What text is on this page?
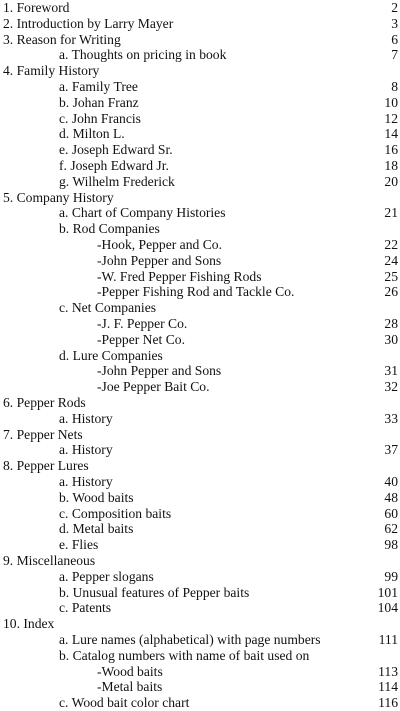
1. Foreword	2
2. Introduction by Larry Mayer	3
3. Reason for Writing	6
a. Thoughts on pricing in book	7
4. Family History
a. Family Tree	8
b. Johan Franz	10
c. John Francis	12
d. Milton L.	14
e. Joseph Edward Sr.	16
f. Joseph Edward Jr.	18
g. Wilhelm Frederick	20
5. Company History
a. Chart of Company Histories	21
b. Rod Companies
-Hook, Pepper and Co.	22
-John Pepper and Sons	24
-W. Fred Pepper Fishing Rods	25
-Pepper Fishing Rod and Tackle Co.	26
c. Net Companies
-J. F. Pepper Co.	28
-Pepper Net Co.	30
d. Lure Companies
-John Pepper and Sons	31
-Joe Pepper Bait Co.	32
6. Pepper Rods
a. History	33
7. Pepper Nets
a. History	37
8. Pepper Lures
a. History	40
b. Wood baits	48
c. Composition baits	60
d. Metal baits	62
e. Flies	98
9. Miscellaneous
a. Pepper slogans	99
b. Unusual features of Pepper baits	101
c. Patents	104
10. Index
a. Lure names (alphabetical) with page numbers	111
b. Catalog numbers with name of bait used on
-Wood baits	113
-Metal baits	114
c. Wood bait color chart	116
